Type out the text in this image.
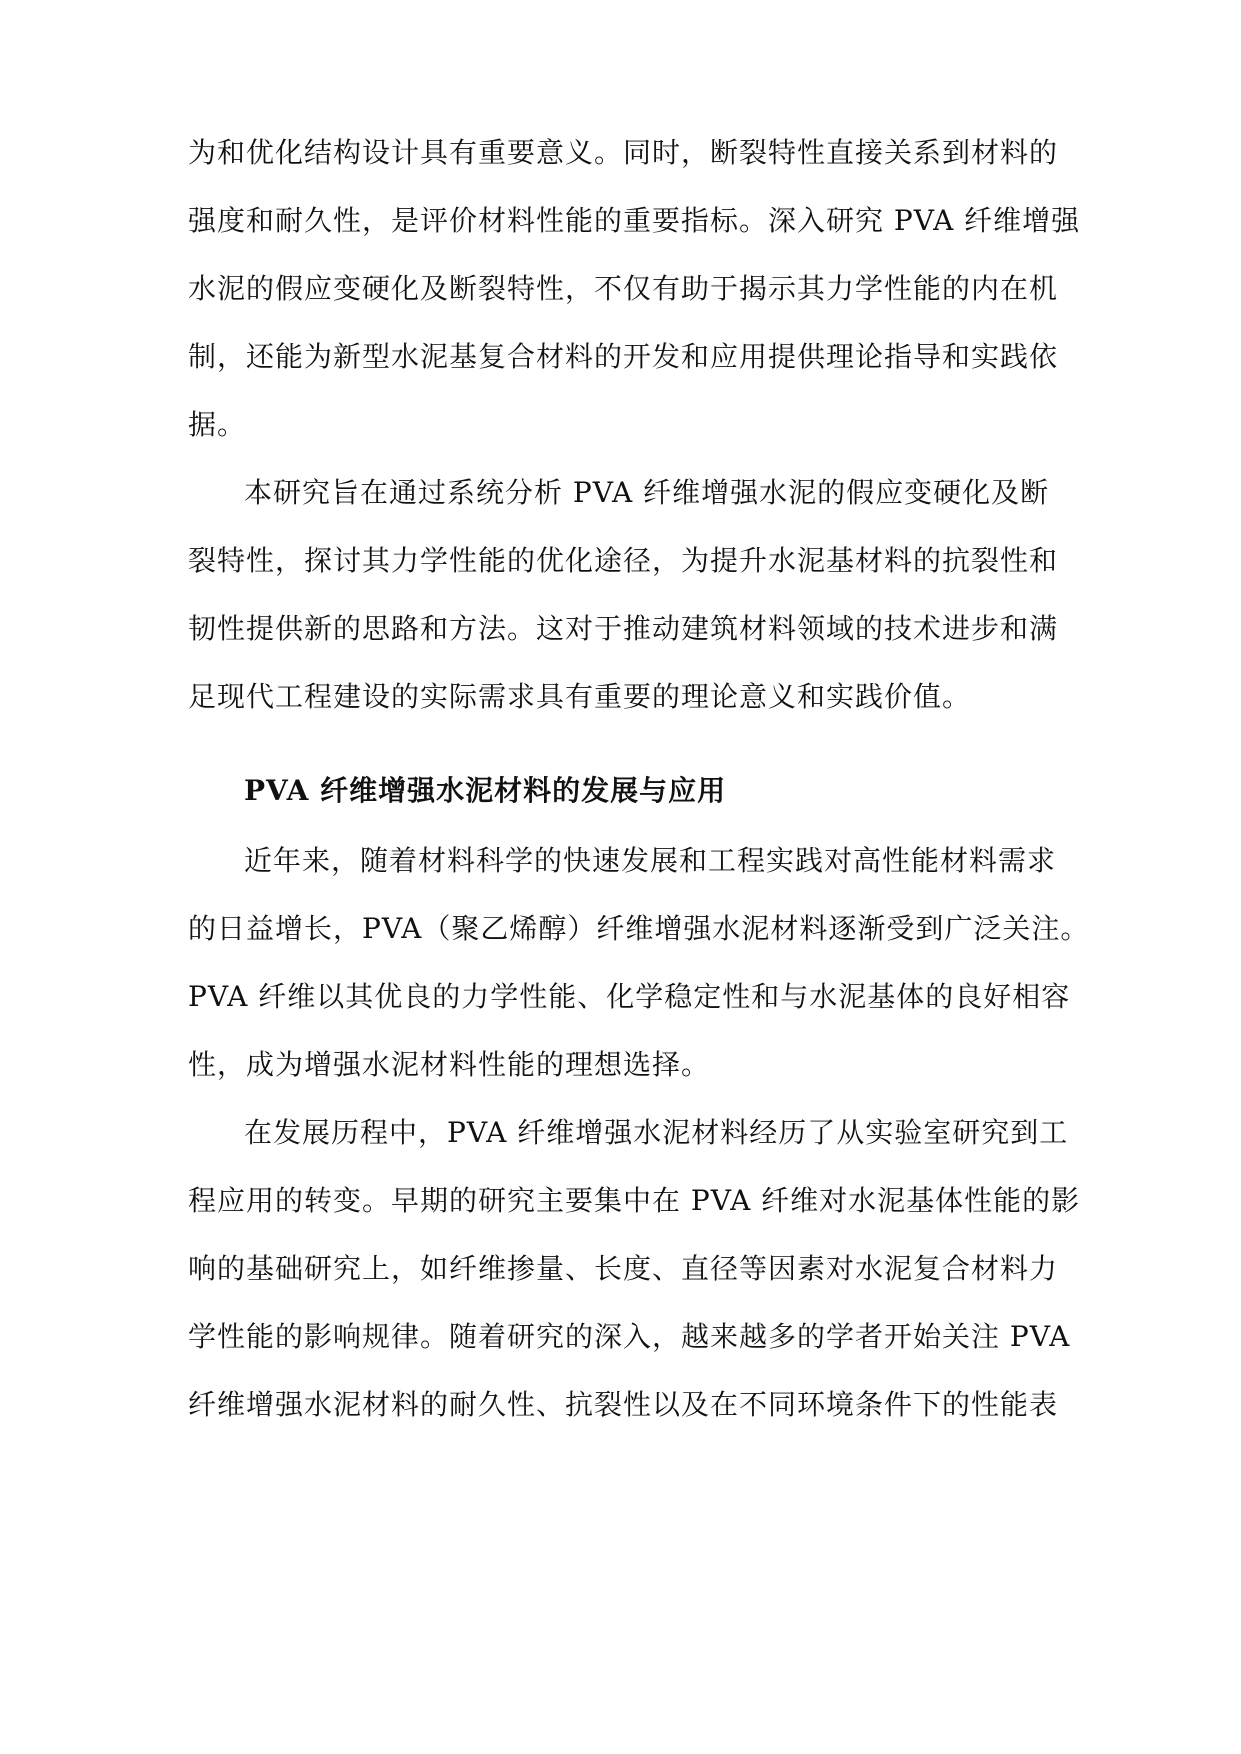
为和优化结构设计具有重要意义。同时，断裂特性直接关系到材料的
强度和耐久性，是评价材料性能的重要指标。深入研究 PVA 纤维增强
水泥的假应变硬化及断裂特性，不仅有助于揭示其力学性能的内在机
制，还能为新型水泥基复合材料的开发和应用提供理论指导和实践依
据。
本研究旨在通过系统分析 PVA 纤维增强水泥的假应变硬化及断
裂特性，探讨其力学性能的优化途径，为提升水泥基材料的抗裂性和
韧性提供新的思路和方法。这对于推动建筑材料领域的技术进步和满
足现代工程建设的实际需求具有重要的理论意义和实践价值。
PVA 纤维增强水泥材料的发展与应用
近年来，随着材料科学的快速发展和工程实践对高性能材料需求
的日益增长，PVA（聚乙烯醇）纤维增强水泥材料逐渐受到广泛关注。
PVA 纤维以其优良的力学性能、化学稳定性和与水泥基体的良好相容
性，成为增强水泥材料性能的理想选择。
在发展历程中，PVA 纤维增强水泥材料经历了从实验室研究到工
程应用的转变。早期的研究主要集中在 PVA 纤维对水泥基体性能的影
响的基础研究上，如纤维掺量、长度、直径等因素对水泥复合材料力
学性能的影响规律。随着研究的深入，越来越多的学者开始关注 PVA
纤维增强水泥材料的耐久性、抗裂性以及在不同环境条件下的性能表
